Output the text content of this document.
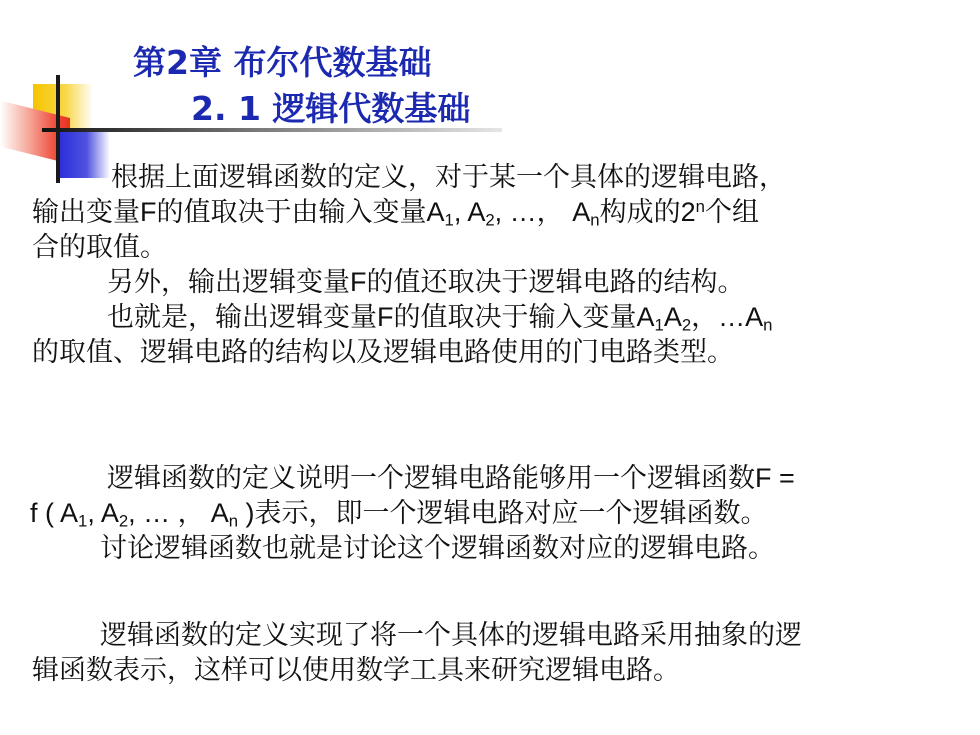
第2章 布尔代数基础
2. 1 逻辑代数基础

根据上面逻辑函数的定义，对于某一个具体的逻辑电路，

输出变量F的值取决于由输入变量$A_1$, $A_2$, …， $A_n$构成的2$^n$个组

合的取值。

另外，输出逻辑变量F的值还取决于逻辑电路的结构。

也就是，输出逻辑变量F的值取决于输入变量$A_1A_2$，$\dots A_n$

的取值、逻辑电路的结构以及逻辑电路使用的门电路类型。

逻辑函数的定义说明一个逻辑电路能够用一个逻辑函数F =

f ( $A_1$, $A_2$, … ， $A_n$ )表示，即一个逻辑电路对应一个逻辑函数。

讨论逻辑函数也就是讨论这个逻辑函数对应的逻辑电路。

逻辑函数的定义实现了将一个具体的逻辑电路采用抽象的逻

辑函数表示，这样可以使用数学工具来研究逻辑电路。
